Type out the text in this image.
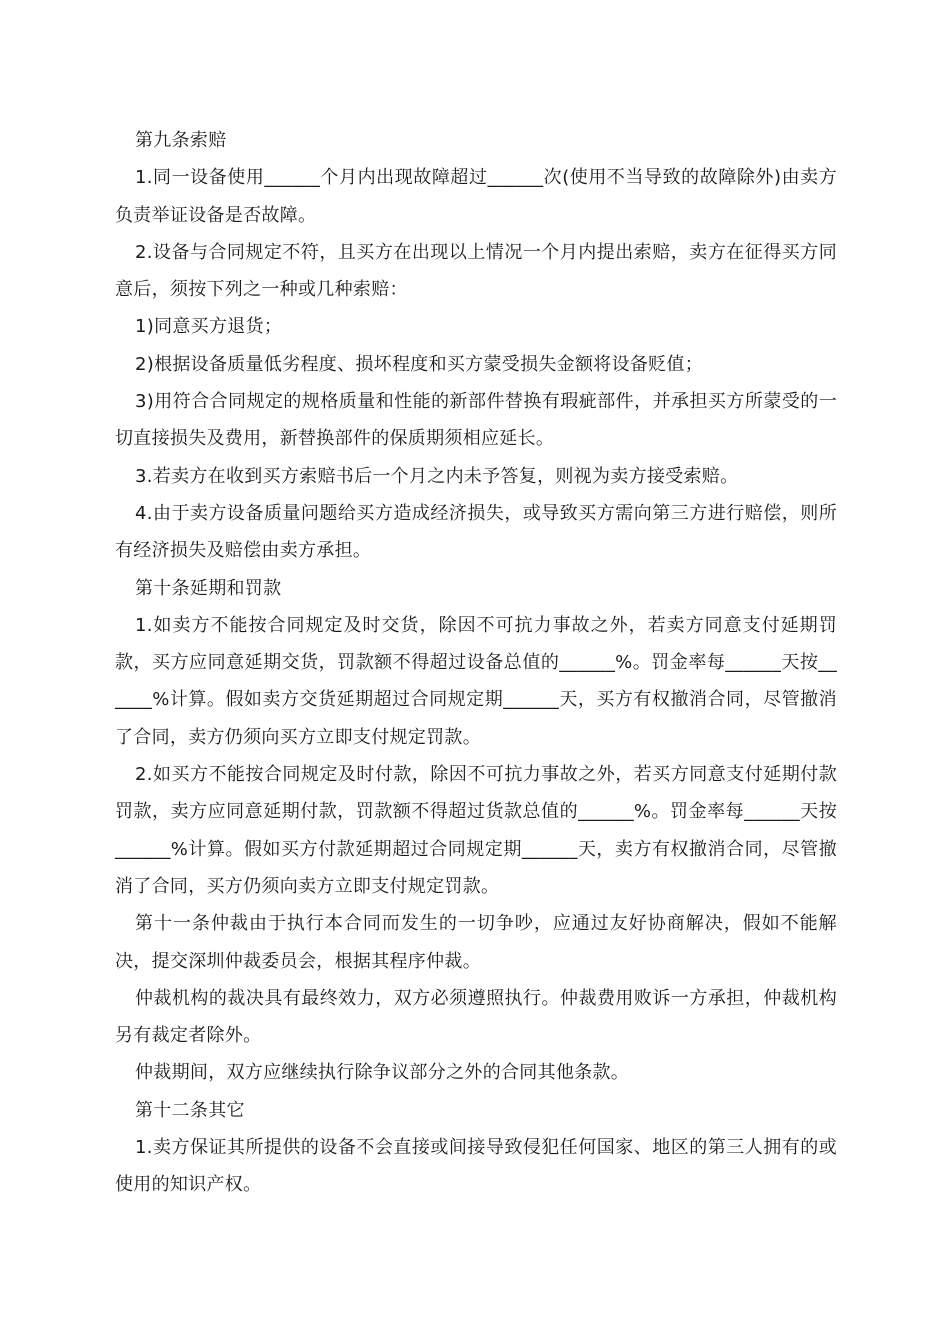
第九条索赔

1.同一设备使用______个月内出现故障超过______次(使用不当导致的故障除外)由卖方负责举证设备是否故障。

2.设备与合同规定不符，且买方在出现以上情况一个月内提出索赔，卖方在征得买方同意后，须按下列之一种或几种索赔：

1)同意买方退货；

2)根据设备质量低劣程度、损坏程度和买方蒙受损失金额将设备贬值；

3)用符合合同规定的规格质量和性能的新部件替换有瑕疵部件，并承担买方所蒙受的一切直接损失及费用，新替换部件的保质期须相应延长。

3.若卖方在收到买方索赔书后一个月之内未予答复，则视为卖方接受索赔。

4.由于卖方设备质量问题给买方造成经济损失，或导致买方需向第三方进行赔偿，则所有经济损失及赔偿由卖方承担。

第十条延期和罚款

1.如卖方不能按合同规定及时交货，除因不可抗力事故之外，若卖方同意支付延期罚款，买方应同意延期交货，罚款额不得超过设备总值的______%。罚金率每______天按______%计算。假如卖方交货延期超过合同规定期______天，买方有权撤消合同，尽管撤消了合同，卖方仍须向买方立即支付规定罚款。

2.如买方不能按合同规定及时付款，除因不可抗力事故之外，若买方同意支付延期付款罚款，卖方应同意延期付款，罚款额不得超过货款总值的______%。罚金率每______天按______%计算。假如买方付款延期超过合同规定期______天，卖方有权撤消合同，尽管撤消了合同，买方仍须向卖方立即支付规定罚款。

第十一条仲裁由于执行本合同而发生的一切争吵，应通过友好协商解决，假如不能解决，提交深圳仲裁委员会，根据其程序仲裁。

仲裁机构的裁决具有最终效力，双方必须遵照执行。仲裁费用败诉一方承担，仲裁机构另有裁定者除外。

仲裁期间，双方应继续执行除争议部分之外的合同其他条款。

第十二条其它

1.卖方保证其所提供的设备不会直接或间接导致侵犯任何国家、地区的第三人拥有的或使用的知识产权。
